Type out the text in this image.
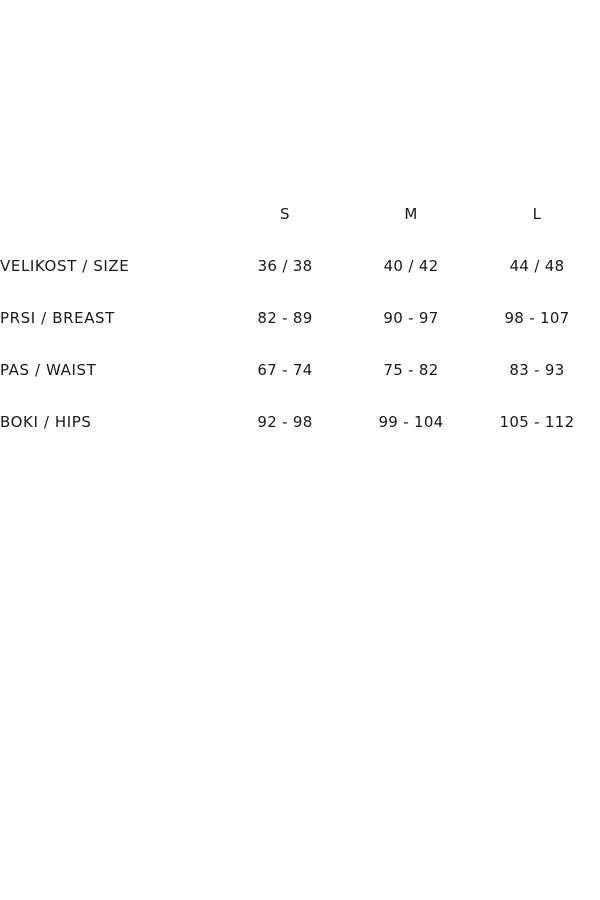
	S	M	L
VELIKOST / SIZE	36 / 38	40 / 42	44 / 48
PRSI / BREAST	82 - 89	90 - 97	98 - 107
PAS / WAIST	67 - 74	75 - 82	83 - 93
BOKI / HIPS	92 - 98	99 - 104	105 - 112
